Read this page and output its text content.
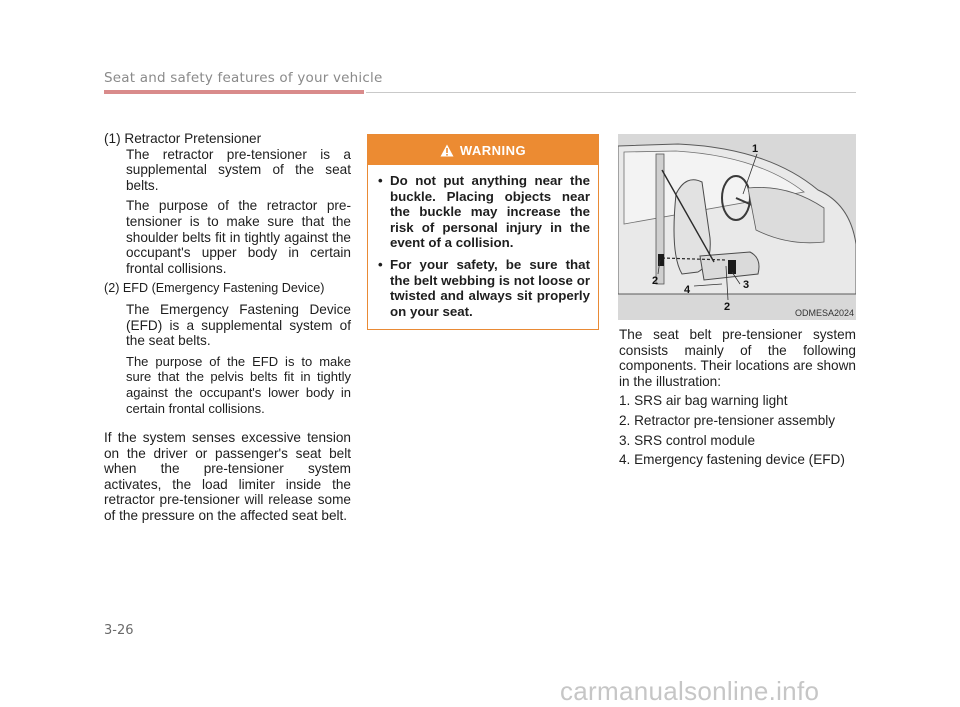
Seat and safety features of your vehicle

(1) Retractor Pretensioner

The retractor pre-tensioner is a supplemental system of the seat belts.

The purpose of the retractor pre-tensioner is to make sure that the shoulder belts fit in tightly against the occupant's upper body in certain frontal collisions.

(2) EFD (Emergency Fastening Device)

The Emergency Fastening Device (EFD) is a supplemental system of the seat belts.

The purpose of the EFD is to make sure that the pelvis belts fit in tightly against the occupant's lower body in certain frontal collisions.

If the system senses excessive tension on the driver or passenger's seat belt when the pre-tensioner system activates, the load limiter inside the retractor pre-tensioner will release some of the pressure on the affected seat belt.

WARNING
• Do not put anything near the buckle. Placing objects near the buckle may increase the risk of personal injury in the event of a collision.
• For your safety, be sure that the belt webbing is not loose or twisted and always sit properly on your seat.
1
2
4	3
2	ODMESA2024

The seat belt pre-tensioner system consists mainly of the following components. Their locations are shown in the illustration:

1. SRS air bag warning light

2. Retractor pre-tensioner assembly

3. SRS control module

4. Emergency fastening device (EFD)

3-26
carmanualsonline.info
